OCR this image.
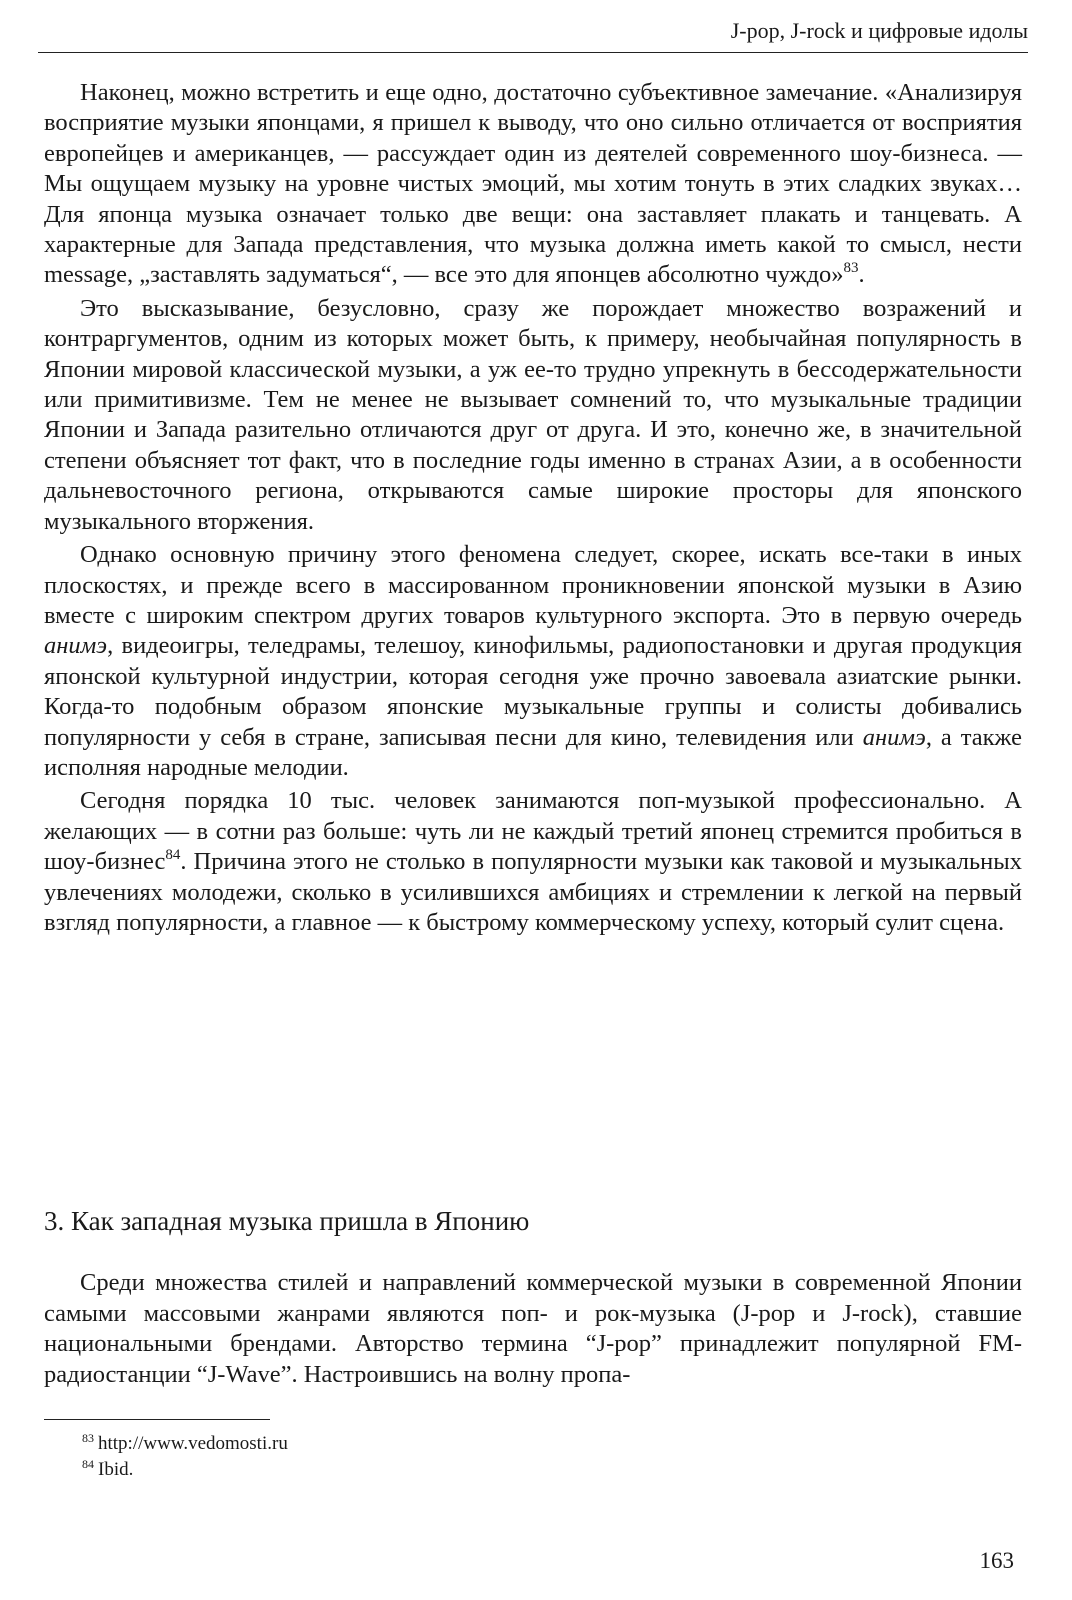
J-pop, J-rock и цифровые идолы

Наконец, можно встретить и еще одно, достаточно субъективное замечание. «Анализируя восприятие музыки японцами, я пришел к выводу, что оно сильно отличается от восприятия европейцев и американцев, — рассуждает один из деятелей современного шоу-бизнеса. — Мы ощущаем музыку на уровне чистых эмоций, мы хотим тонуть в этих сладких звуках… Для японца музыка означает только две вещи: она заставляет плакать и танцевать. А характерные для Запада представления, что музыка должна иметь какой то смысл, нести message, „заставлять задуматься“, — все это для японцев абсолютно чуждо»$^{83}$.

Это высказывание, безусловно, сразу же порождает множество возражений и контраргументов, одним из которых может быть, к примеру, необычайная популярность в Японии мировой классической музыки, а уж ее-то трудно упрекнуть в бессодержательности или примитивизме. Тем не менее не вызывает сомнений то, что музыкальные традиции Японии и Запада разительно отличаются друг от друга. И это, конечно же, в значительной степени объясняет тот факт, что в последние годы именно в странах Азии, а в особенности дальневосточного региона, открываются самые широкие просторы для японского музыкального вторжения.

Однако основную причину этого феномена следует, скорее, искать все-таки в иных плоскостях, и прежде всего в массированном проникновении японской музыки в Азию вместе с широким спектром других товаров культурного экспорта. Это в первую очередь анимэ, видеоигры, теледрамы, телешоу, кинофильмы, радиопостановки и другая продукция японской культурной индустрии, которая сегодня уже прочно завоевала азиатские рынки. Когда-то подобным образом японские музыкальные группы и солисты добивались популярности у себя в стране, записывая песни для кино, телевидения или анимэ, а также исполняя народные мелодии.

Сегодня порядка 10 тыс. человек занимаются поп-музыкой профессионально. А желающих — в сотни раз больше: чуть ли не каждый третий японец стремится пробиться в шоу-бизнес$^{84}$. Причина этого не столько в популярности музыки как таковой и музыкальных увлечениях молодежи, сколько в усилившихся амбициях и стремлении к легкой на первый взгляд популярности, а главное — к быстрому коммерческому успеху, который сулит сцена.

3. Как западная музыка пришла в Японию

Среди множества стилей и направлений коммерческой музыки в современной Японии самыми массовыми жанрами являются поп- и рок-музыка (J-pop и J-rock), ставшие национальными брендами. Авторство термина “J-pop” принадлежит популярной FM-радиостанции “J-Wave”. Настроившись на волну пропа-

$^{83}$ http://www.vedomosti.ru
$^{84}$ Ibid.
163
